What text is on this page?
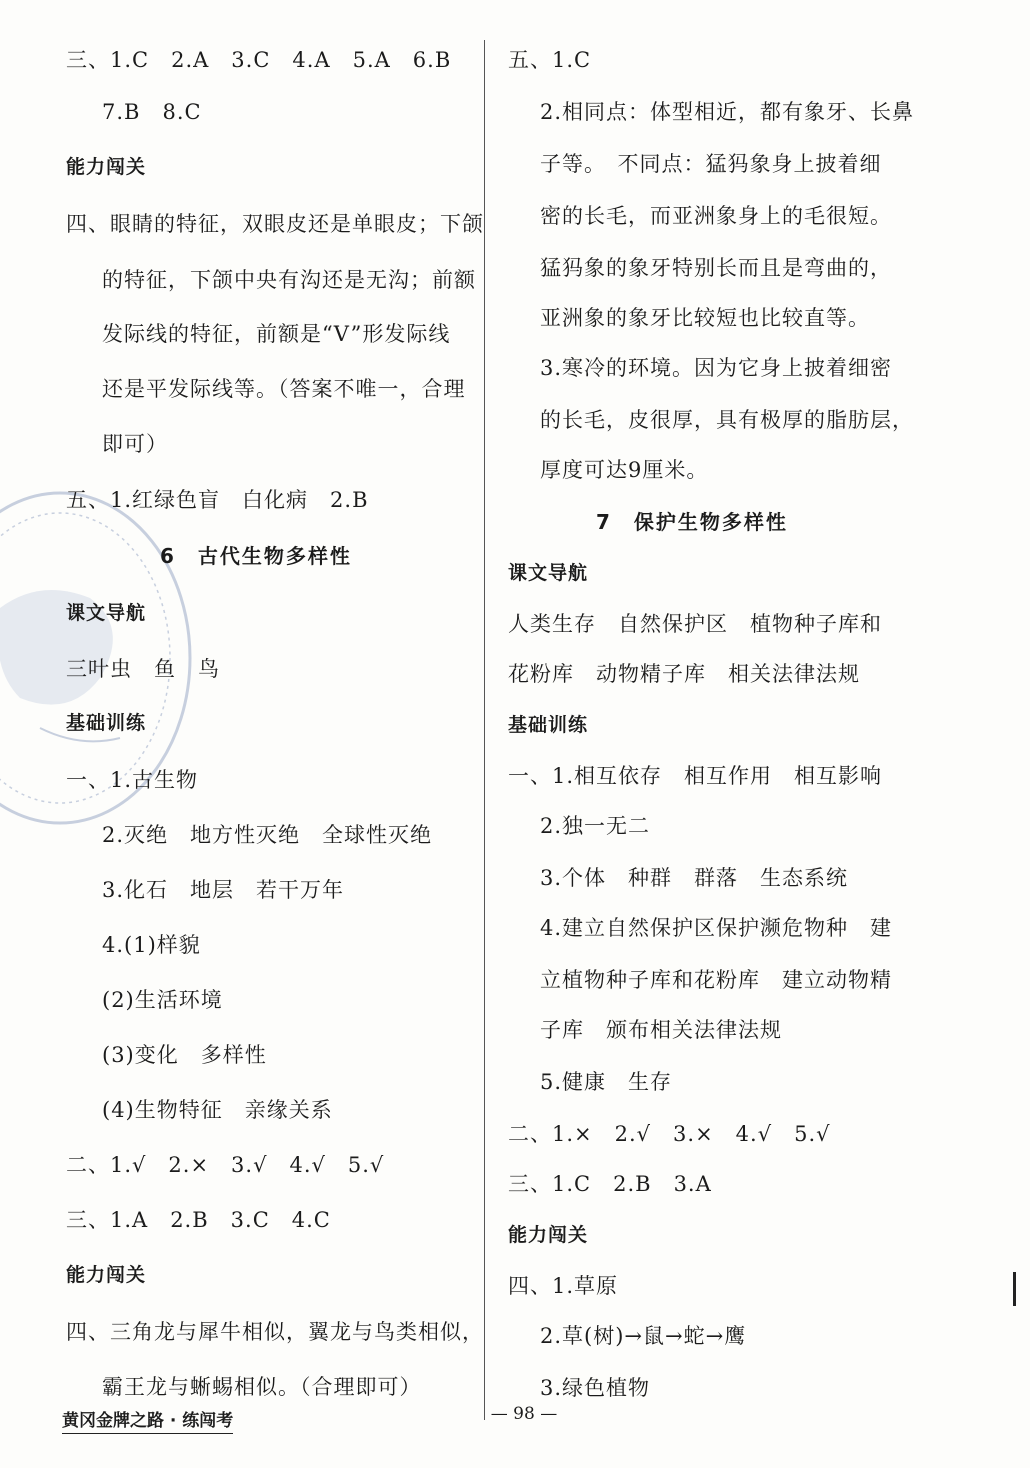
三、1.C　2.A　3.C　4.A　5.A　6.B
7.B　8.C
能力闯关
四、眼睛的特征，双眼皮还是单眼皮；下颌
的特征，下颌中央有沟还是无沟；前额
发际线的特征，前额是“V”形发际线
还是平发际线等。（答案不唯一，合理
即可）
五、1.红绿色盲　白化病　2.B
6　古代生物多样性
课文导航
三叶虫　鱼　鸟
基础训练
一、1.古生物
2.灭绝　地方性灭绝　全球性灭绝
3.化石　地层　若干万年
4.(1)样貌
(2)生活环境
(3)变化　多样性
(4)生物特征　亲缘关系
二、1.√　2.×　3.√　4.√　5.√
三、1.A　2.B　3.C　4.C
能力闯关
四、三角龙与犀牛相似，翼龙与鸟类相似，
霸王龙与蜥蜴相似。（合理即可）
五、1.C
2.相同点：体型相近，都有象牙、长鼻
子等。　不同点：猛犸象身上披着细
密的长毛，而亚洲象身上的毛很短。
猛犸象的象牙特别长而且是弯曲的，
亚洲象的象牙比较短也比较直等。
3.寒冷的环境。因为它身上披着细密
的长毛，皮很厚，具有极厚的脂肪层，
厚度可达9厘米。
7　保护生物多样性
课文导航
人类生存　自然保护区　植物种子库和
花粉库　动物精子库　相关法律法规
基础训练
一、1.相互依存　相互作用　相互影响
2.独一无二
3.个体　种群　群落　生态系统
4.建立自然保护区保护濒危物种　建
立植物种子库和花粉库　建立动物精
子库　颁布相关法律法规
5.健康　生存
二、1.×　2.√　3.×　4.√　5.√
三、1.C　2.B　3.A
能力闯关
四、1.草原
2.草(树)→鼠→蛇→鹰
3.绿色植物
黄冈金牌之路 · 练闯考	— 98 —
